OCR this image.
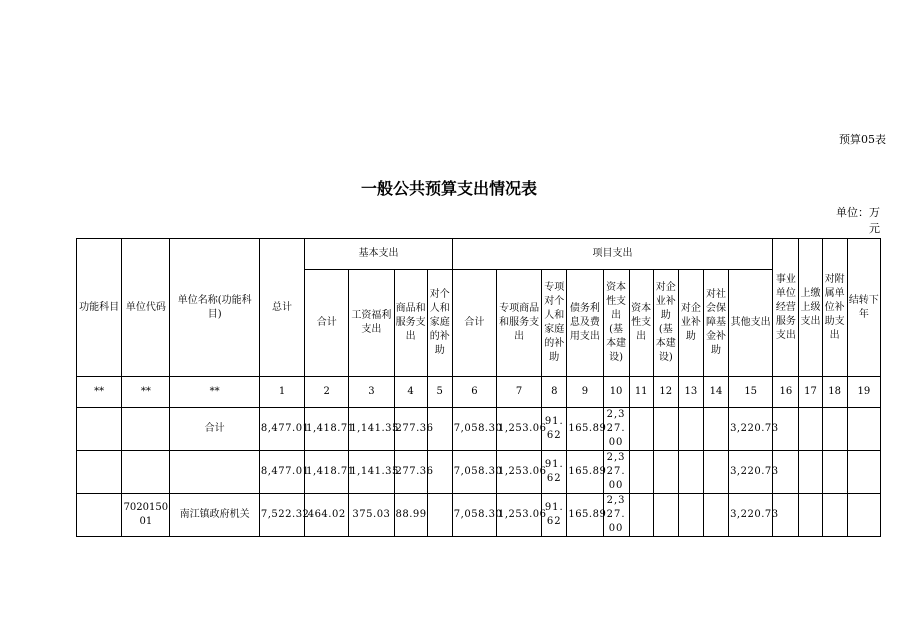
预算05表
一般公共预算支出情况表
单位：万元
功能科目	单位代码	单位名称(功能科目)	总计	基本支出				项目支出										事业单位经营服务支出	上缴上级支出	对附属单位补助支出	结转下年
				合计	工资福利支出	商品和服务支出	对个人和家庭的补助	合计	专项商品和服务支出	专项对个人和家庭的补助	债务利息及费用支出	资本性支出(基本建设)	资本性支出	对企业补助(基本建设)	对企业补助	对社会保障基金补助	其他支出				
**	**	**	1	2	3	4	5	6	7	8	9	10	11	12	13	14	15	16	17	18	19
		合计	8,477.01	1,418.71	1,141.35	277.36		7,058.30	1,253.06	91.62	165.89	2,327.00					3,220.73				
			8,477.01	1,418.71	1,141.35	277.36		7,058.30	1,253.06	91.62	165.89	2,327.00					3,220.73				
	702015001	南江镇政府机关	7,522.32	464.02	375.03	88.99		7,058.30	1,253.06	91.62	165.89	2,327.00					3,220.73				
